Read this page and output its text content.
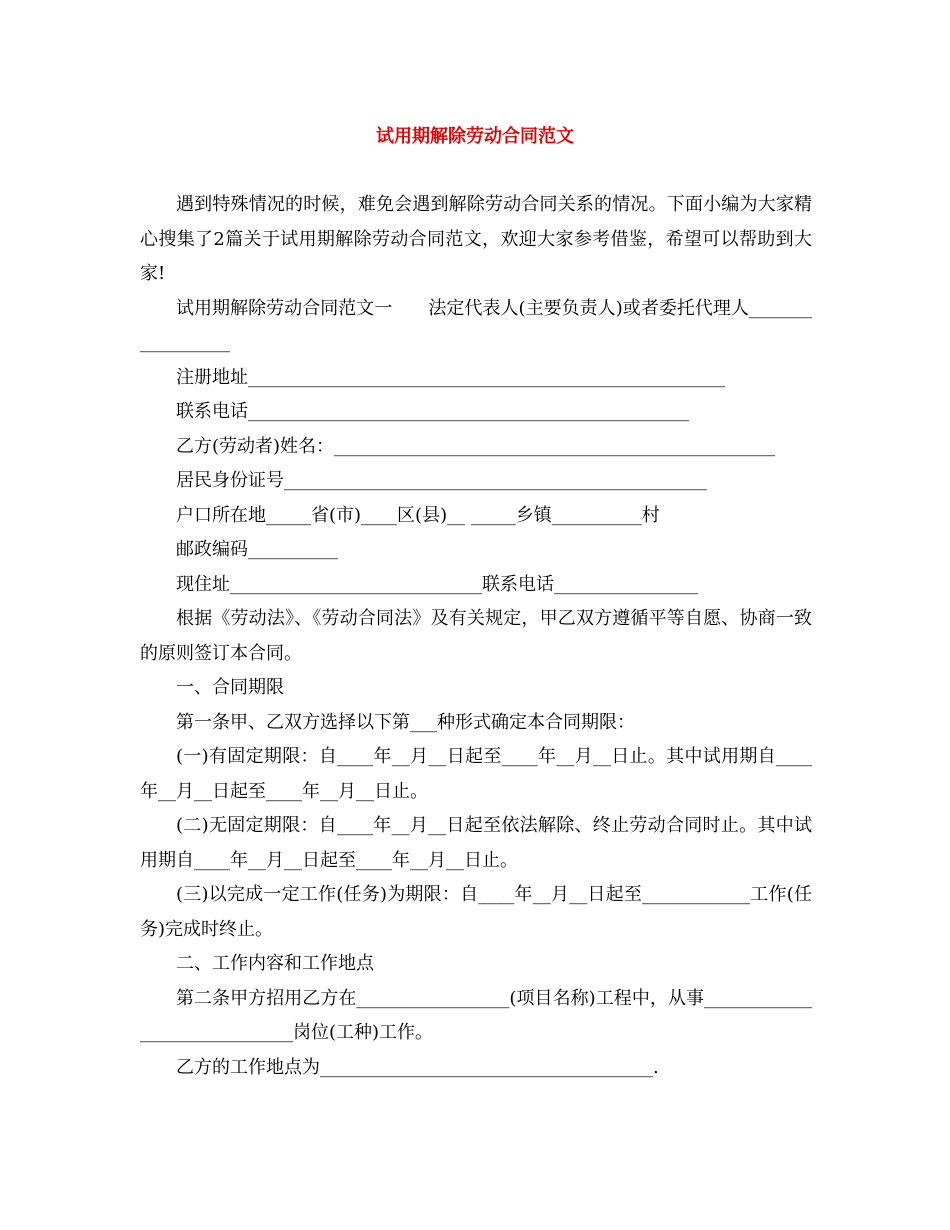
试用期解除劳动合同范文

遇到特殊情况的时候，难免会遇到解除劳动合同关系的情况。下面小编为大家精心搜集了2篇关于试用期解除劳动合同范文，欢迎大家参考借鉴，希望可以帮助到大家!

试用期解除劳动合同范文一　　法定代表人(主要负责人)或者委托代理人_________________

注册地址_____________________________________________________

联系电话_________________________________________________

乙方(劳动者)姓名：_________________________________________________

居民身份证号_______________________________________________

户口所在地_____省(市)____区(县)__ _____乡镇__________村

邮政编码__________

现住址____________________________联系电话________________

根据《劳动法》、《劳动合同法》及有关规定，甲乙双方遵循平等自愿、协商一致的原则签订本合同。

一、合同期限

第一条甲、乙双方选择以下第___种形式确定本合同期限：

(一)有固定期限：自____年__月__日起至____年__月__日止。其中试用期自____年__月__日起至____年__月__日止。

(二)无固定期限：自____年__月__日起至依法解除、终止劳动合同时止。其中试用期自____年__月__日起至____年__月__日止。

(三)以完成一定工作(任务)为期限：自____年__月__日起至____________工作(任务)完成时终止。

二、工作内容和工作地点

第二条甲方招用乙方在_________________(项目名称)工程中，从事_____________________________岗位(工种)工作。

乙方的工作地点为_____________________________________.
